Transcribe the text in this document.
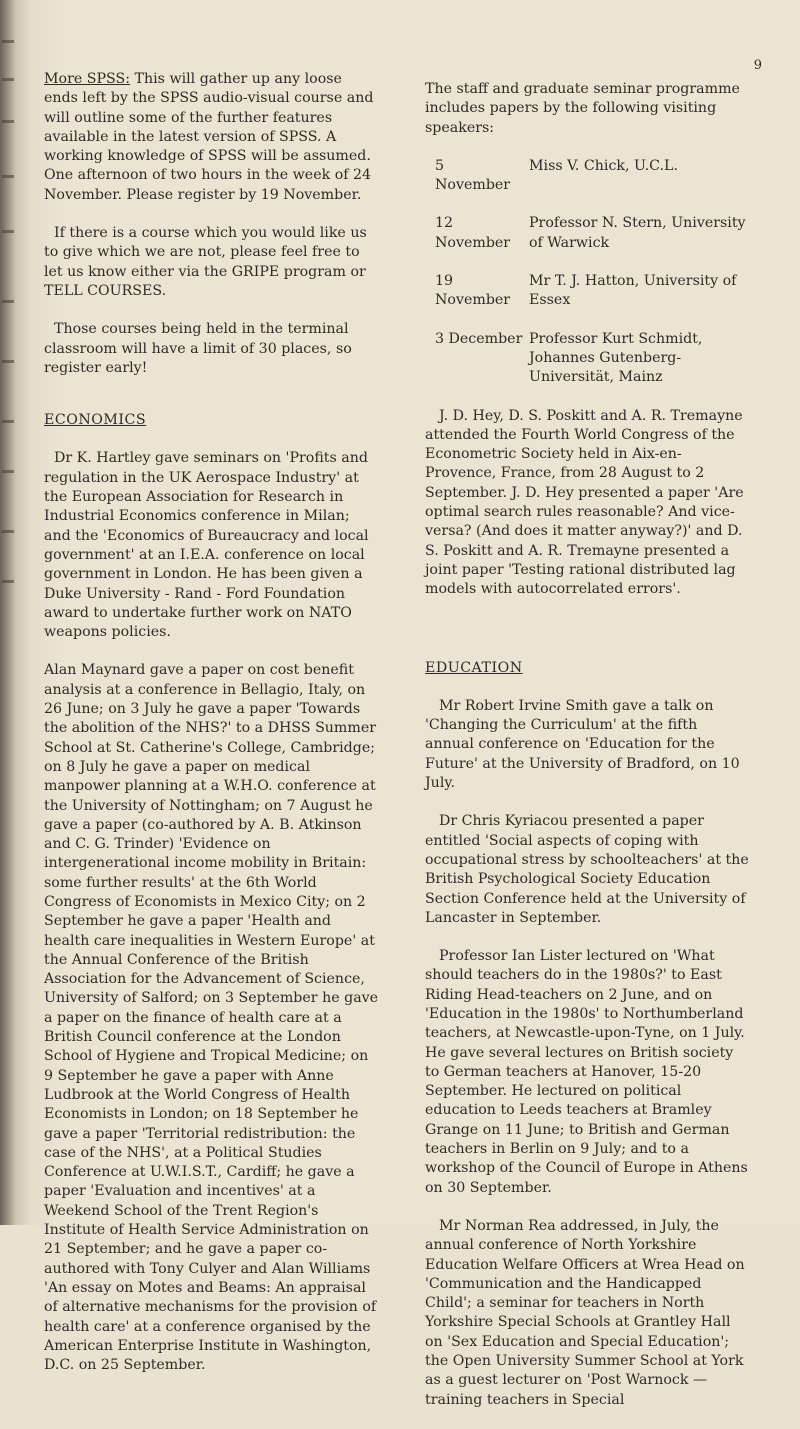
9

More SPSS: This will gather up any loose ends left by the SPSS audio-visual course and will outline some of the further features available in the latest version of SPSS. A working knowledge of SPSS will be assumed. One afternoon of two hours in the week of 24 November. Please register by 19 November.

If there is a course which you would like us to give which we are not, please feel free to let us know either via the GRIPE program or TELL COURSES.

Those courses being held in the terminal classroom will have a limit of 30 places, so register early!

ECONOMICS

Dr K. Hartley gave seminars on 'Profits and regulation in the UK Aerospace Industry' at the European Association for Research in Industrial Economics conference in Milan; and the 'Economics of Bureaucracy and local government' at an I.E.A. conference on local government in London. He has been given a Duke University - Rand - Ford Foundation award to undertake further work on NATO weapons policies.

Alan Maynard gave a paper on cost benefit analysis at a conference in Bellagio, Italy, on 26 June; on 3 July he gave a paper 'Towards the abolition of the NHS?' to a DHSS Summer School at St. Catherine's College, Cambridge; on 8 July he gave a paper on medical manpower planning at a W.H.O. conference at the University of Nottingham; on 7 August he gave a paper (co-authored by A. B. Atkinson and C. G. Trinder) 'Evidence on intergenerational income mobility in Britain: some further results' at the 6th World Congress of Economists in Mexico City; on 2 September he gave a paper 'Health and health care inequalities in Western Europe' at the Annual Conference of the British Association for the Advancement of Science, University of Salford; on 3 September he gave a paper on the finance of health care at a British Council conference at the London School of Hygiene and Tropical Medicine; on 9 September he gave a paper with Anne Ludbrook at the World Congress of Health Economists in London; on 18 September he gave a paper 'Territorial redistribution: the case of the NHS', at a Political Studies Conference at U.W.I.S.T., Cardiff; he gave a paper 'Evaluation and incentives' at a Weekend School of the Trent Region's Institute of Health Service Administration on 21 September; and he gave a paper co-authored with Tony Culyer and Alan Williams 'An essay on Motes and Beams: An appraisal of alternative mechanisms for the provision of health care' at a conference organised by the American Enterprise Institute in Washington, D.C. on 25 September.

The staff and graduate seminar programme includes papers by the following visiting speakers:

5 November
Miss V. Chick, U.C.L.
12 November
Professor N. Stern, University of Warwick
19 November
Mr T. J. Hatton, University of Essex
3 December Professor Kurt Schmidt, Johannes Gutenberg-Universität, Mainz

J. D. Hey, D. S. Poskitt and A. R. Tremayne attended the Fourth World Congress of the Econometric Society held in Aix-en-Provence, France, from 28 August to 2 September. J. D. Hey presented a paper 'Are optimal search rules reasonable? And vice-versa? (And does it matter anyway?)' and D. S. Poskitt and A. R. Tremayne presented a joint paper 'Testing rational distributed lag models with autocorrelated errors'.

EDUCATION

Mr Robert Irvine Smith gave a talk on 'Changing the Curriculum' at the fifth annual conference on 'Education for the Future' at the University of Bradford, on 10 July.

Dr Chris Kyriacou presented a paper entitled 'Social aspects of coping with occupational stress by schoolteachers' at the British Psychological Society Education Section Conference held at the University of Lancaster in September.

Professor Ian Lister lectured on 'What should teachers do in the 1980s?' to East Riding Head-teachers on 2 June, and on 'Education in the 1980s' to Northumberland teachers, at Newcastle-upon-Tyne, on 1 July. He gave several lectures on British society to German teachers at Hanover, 15-20 September. He lectured on political education to Leeds teachers at Bramley Grange on 11 June; to British and German teachers in Berlin on 9 July; and to a workshop of the Council of Europe in Athens on 30 September.

Mr Norman Rea addressed, in July, the annual conference of North Yorkshire Education Welfare Officers at Wrea Head on 'Communication and the Handicapped Child'; a seminar for teachers in North Yorkshire Special Schools at Grantley Hall on 'Sex Education and Special Education'; the Open University Summer School at York as a guest lecturer on 'Post Warnock — training teachers in Special
